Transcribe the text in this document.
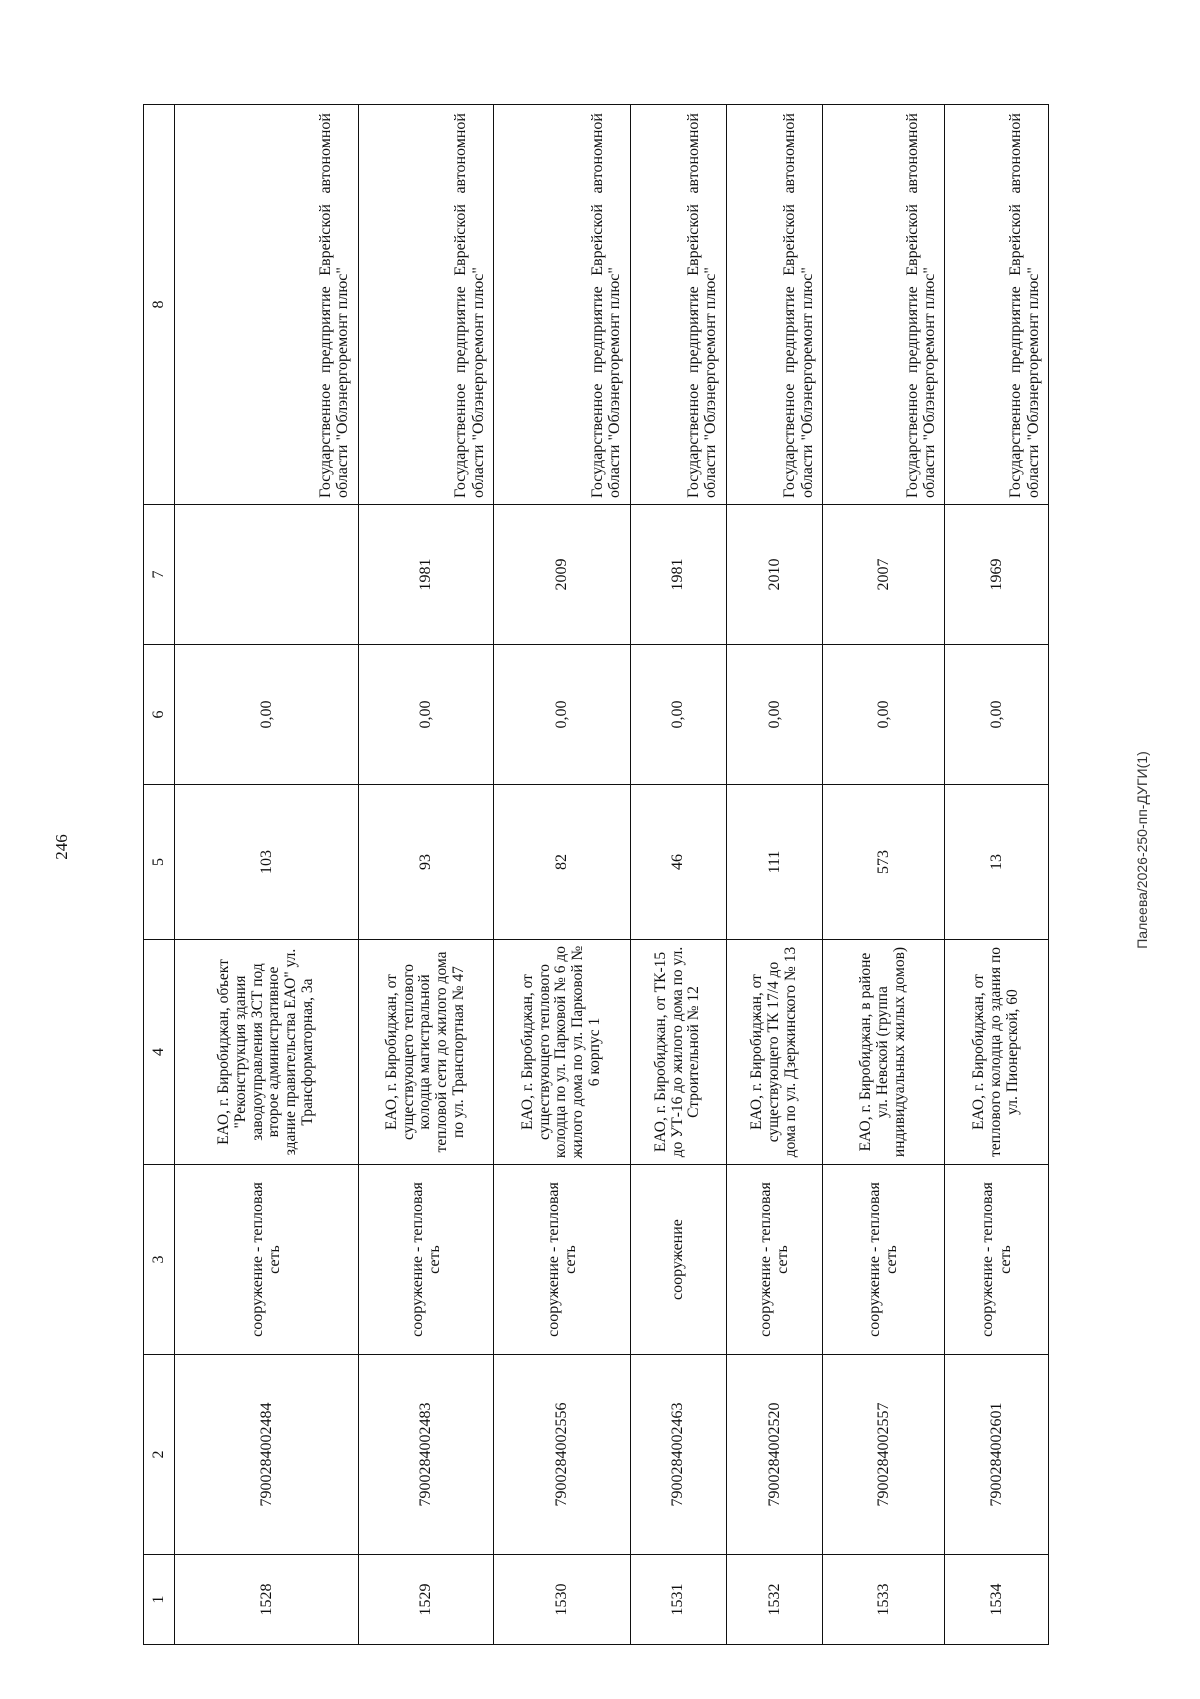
246
1	2	3	4	5	6	7	8
1528	7900284002484	сооружение - тепловая сеть	ЕАО, г. Биробиджан, объект "Реконструкция здания заводоуправления ЗСТ под второе административное здание правительства ЕАО" ул. Трансформаторная, 3а	103	0,00		Государственное предприятие Еврейской автономной области "Облэнергоремонт плюс"

1529	7900284002483	сооружение - тепловая сеть	ЕАО, г. Биробиджан, от существующего теплового колодца магистральной тепловой сети до жилого дома по ул. Транспортная № 47	93	0,00	1981	Государственное предприятие Еврейской автономной области "Облэнергоремонт плюс"

1530	7900284002556	сооружение - тепловая сеть	ЕАО, г. Биробиджан, от существующего теплового колодца по ул. Парковой № 6 до жилого дома по ул. Парковой № 6 корпус 1	82	0,00	2009	Государственное предприятие Еврейской автономной области "Облэнергоремонт плюс"

1531	7900284002463	сооружение	ЕАО, г. Биробиджан, от ТК-15 до УТ-16 до жилого дома по ул. Строительной № 12	46	0,00	1981	Государственное предприятие Еврейской автономной области "Облэнергоремонт плюс"

1532	7900284002520	сооружение - тепловая сеть	ЕАО, г. Биробиджан, от существующего ТК 17/4 до дома по ул. Дзержинского № 13	111	0,00	2010	Государственное предприятие Еврейской автономной области "Облэнергоремонт плюс"

1533	7900284002557	сооружение - тепловая сеть	ЕАО, г. Биробиджан, в районе ул. Невской (группа индивидуальных жилых домов)	573	0,00	2007	Государственное предприятие Еврейской автономной области "Облэнергоремонт плюс"

1534	7900284002601	сооружение - тепловая сеть	ЕАО, г. Биробиджан, от теплового колодца до здания по ул. Пионерской, 60	13	0,00	1969	Государственное предприятие Еврейской автономной области "Облэнергоремонт плюс"
Палеева/2026-250-пп-ДУГИ(1)
